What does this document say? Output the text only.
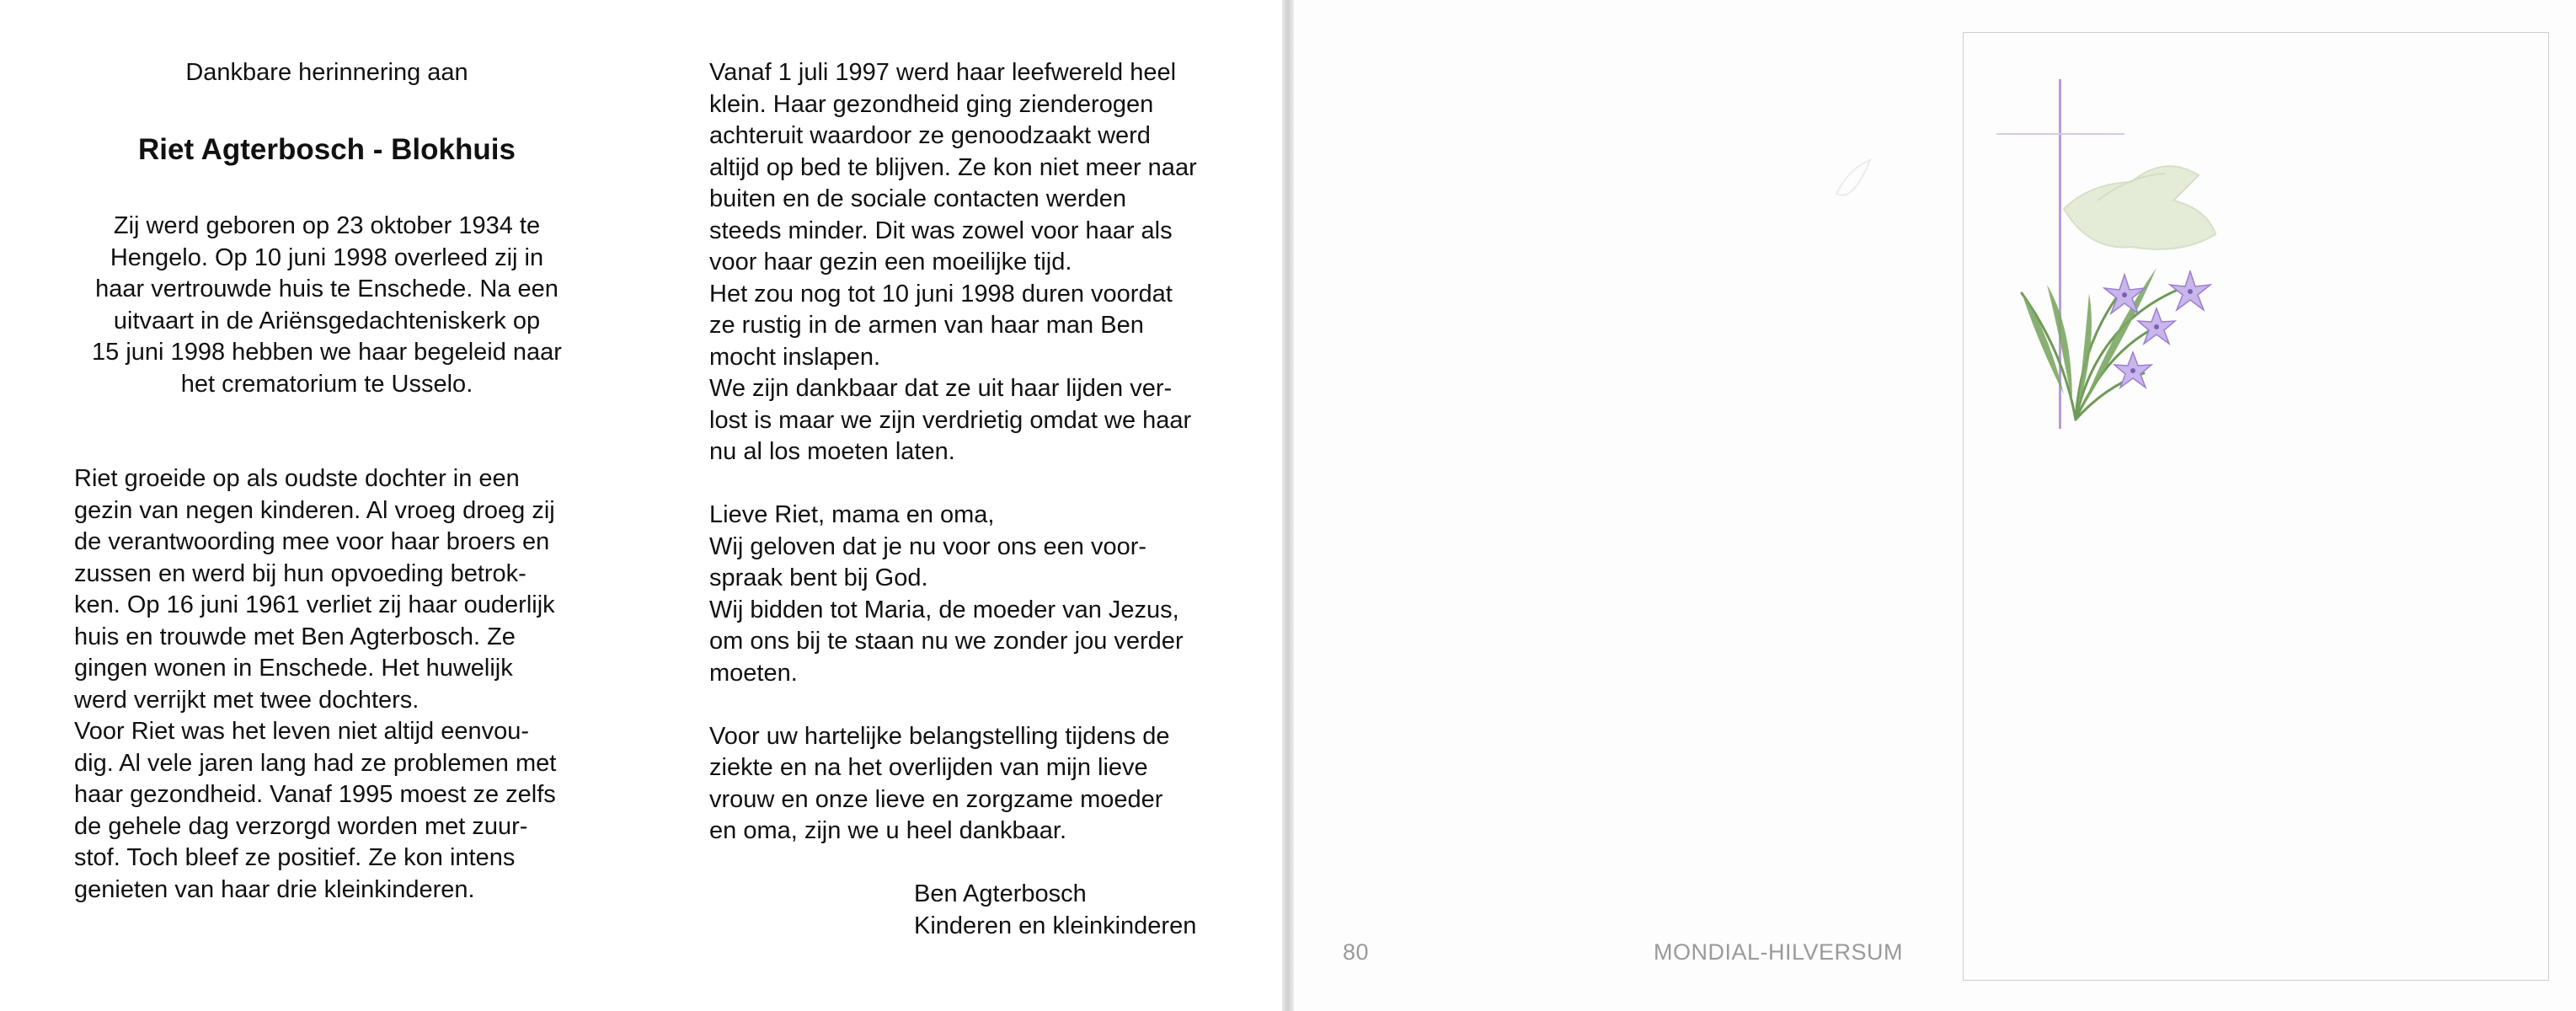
Dankbare herinnering aan
Riet Agterbosch - Blokhuis
Zij werd geboren op 23 oktober 1934 te
Hengelo. Op 10 juni 1998 overleed zij in
haar vertrouwde huis te Enschede. Na een
uitvaart in de Ariënsgedachteniskerk op
15 juni 1998 hebben we haar begeleid naar
het crematorium te Usselo.
Riet groeide op als oudste dochter in een
gezin van negen kinderen. Al vroeg droeg zij
de verantwoording mee voor haar broers en
zussen en werd bij hun opvoeding betrok-
ken. Op 16 juni 1961 verliet zij haar ouderlijk
huis en trouwde met Ben Agterbosch. Ze
gingen wonen in Enschede. Het huwelijk
werd verrijkt met twee dochters.
Voor Riet was het leven niet altijd eenvou-
dig. Al vele jaren lang had ze problemen met
haar gezondheid. Vanaf 1995 moest ze zelfs
de gehele dag verzorgd worden met zuur-
stof. Toch bleef ze positief. Ze kon intens
genieten van haar drie kleinkinderen.
Vanaf 1 juli 1997 werd haar leefwereld heel
klein. Haar gezondheid ging zienderogen
achteruit waardoor ze genoodzaakt werd
altijd op bed te blijven. Ze kon niet meer naar
buiten en de sociale contacten werden
steeds minder. Dit was zowel voor haar als
voor haar gezin een moeilijke tijd.
Het zou nog tot 10 juni 1998 duren voordat
ze rustig in de armen van haar man Ben
mocht inslapen.
We zijn dankbaar dat ze uit haar lijden ver-
lost is maar we zijn verdrietig omdat we haar
nu al los moeten laten.
Lieve Riet, mama en oma,
Wij geloven dat je nu voor ons een voor-
spraak bent bij God.
Wij bidden tot Maria, de moeder van Jezus,
om ons bij te staan nu we zonder jou verder
moeten.
Voor uw hartelijke belangstelling tijdens de
ziekte en na het overlijden van mijn lieve
vrouw en onze lieve en zorgzame moeder
en oma, zijn we u heel dankbaar.
Ben Agterbosch
Kinderen en kleinkinderen
80	MONDIAL-HILVERSUM
